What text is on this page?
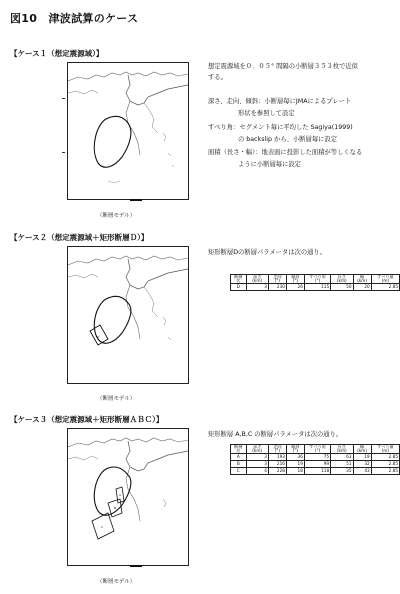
図10　津波試算のケース
【ケース１（想定震源域）】
（断層モデル）
想定震源域を０．０５° 間隔の小断層３５３枚で近似
する。
深さ、走向、傾斜：小断層毎にJMAによるプレート
形状を参照して設定
すべり角：セグメント毎に平均した Sagiya(1999)
の backslip から、小断層毎に設定
面積（長さ・幅）：地表面に投影した面積が等しくなる
ように小断層毎に設定
【ケース２（想定震源域＋矩形断層Ｄ）】
D
（断層モデル）
矩形断層Dの断層パラメータは次の通り。
断層名	深さ (km)	走向 (°)	傾斜 (°)	すべり角 (°)	長さ (km)	幅 (km)	すべり量 (m)
D	3	230	26	115	50	20	2.85
【ケース３（想定震源域＋矩形断層ＡＢＣ）】
A
B
C
（断層モデル）
矩形断層 A,B,C の断層パラメータは次の通り。
断層名	深さ (km)	走向 (°)	傾斜 (°)	すべり角 (°)	長さ (km)	幅 (km)	すべり量 (m)
A	3	193	36	75	63	19	2.85
B	3	216	19	99	51	32	2.85
C	4	228	18	118	35	43	2.85
